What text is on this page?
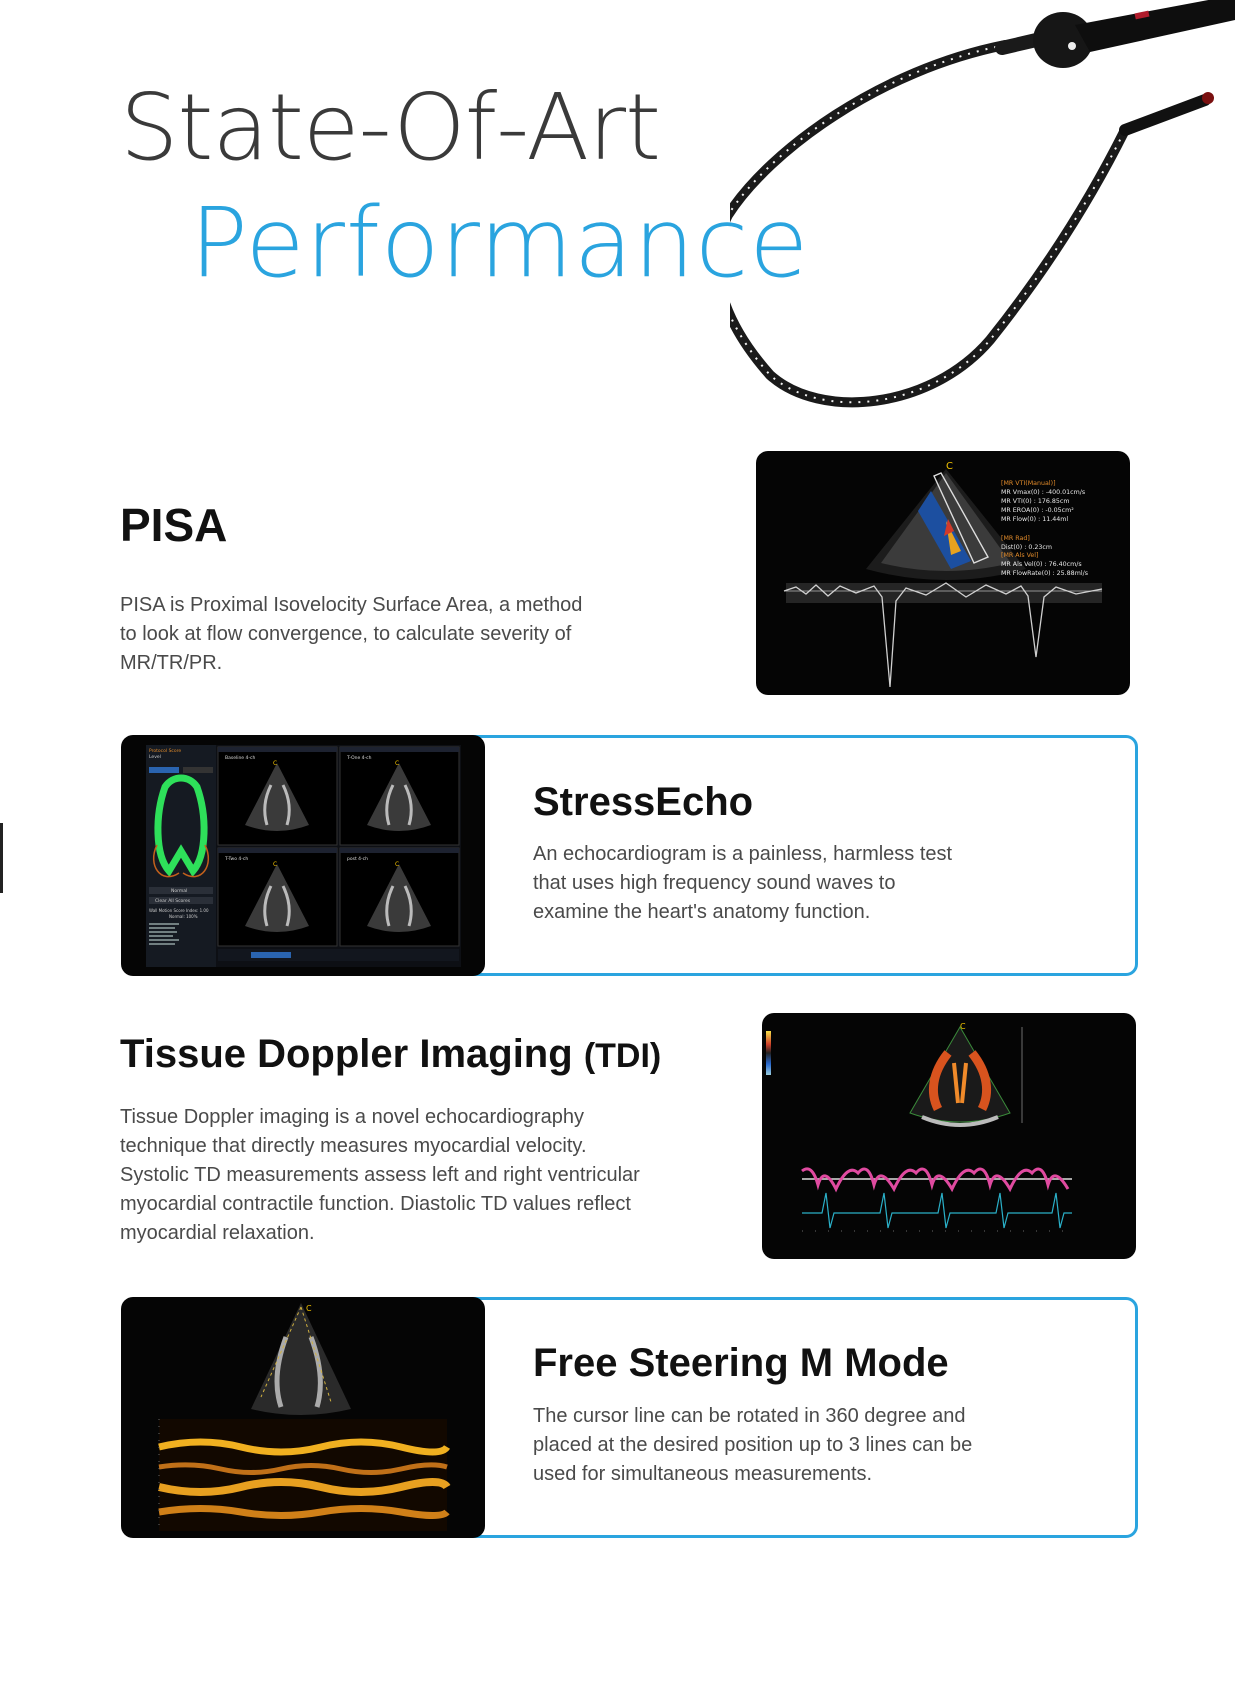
State-Of-Art
Performance
PISA
PISA is Proximal Isovelocity Surface Area, a method to look at flow convergence, to calculate severity of MR/TR/PR.
C
[MR VTI(Manual)]
MR Vmax(0) : -400.01cm/s
MR VTI(0) : 176.85cm
MR EROA(0) : -0.05cm²
MR Flow(0) : 11.44ml
[MR Rad]
Dist(0) : 0.23cm
[MR Als Vel]
MR Als Vel(0) : 76.40cm/s
MR FlowRate(0) : 25.88ml/s
Protocol Score
Level
Normal
Clear All Scores
Wall Motion Score Index: 1.00
Normal: 100%
Baseline 4-ch
C
T-One 4-ch
C
T-Two 4-ch
C
post 4-ch
C
StressEcho
An echocardiogram is a painless, harmless test
that uses high frequency sound waves to
examine the heart's anatomy function.
Tissue Doppler Imaging (TDI)
Tissue Doppler imaging is a novel echocardiography
technique that directly measures myocardial velocity.
Systolic TD measurements assess left and right ventricular
myocardial contractile function. Diastolic TD values reflect
myocardial relaxation.
C
C
Free Steering M Mode
The cursor line can be rotated in 360 degree and
placed at the desired position up to 3 lines can be
used for simultaneous measurements.
